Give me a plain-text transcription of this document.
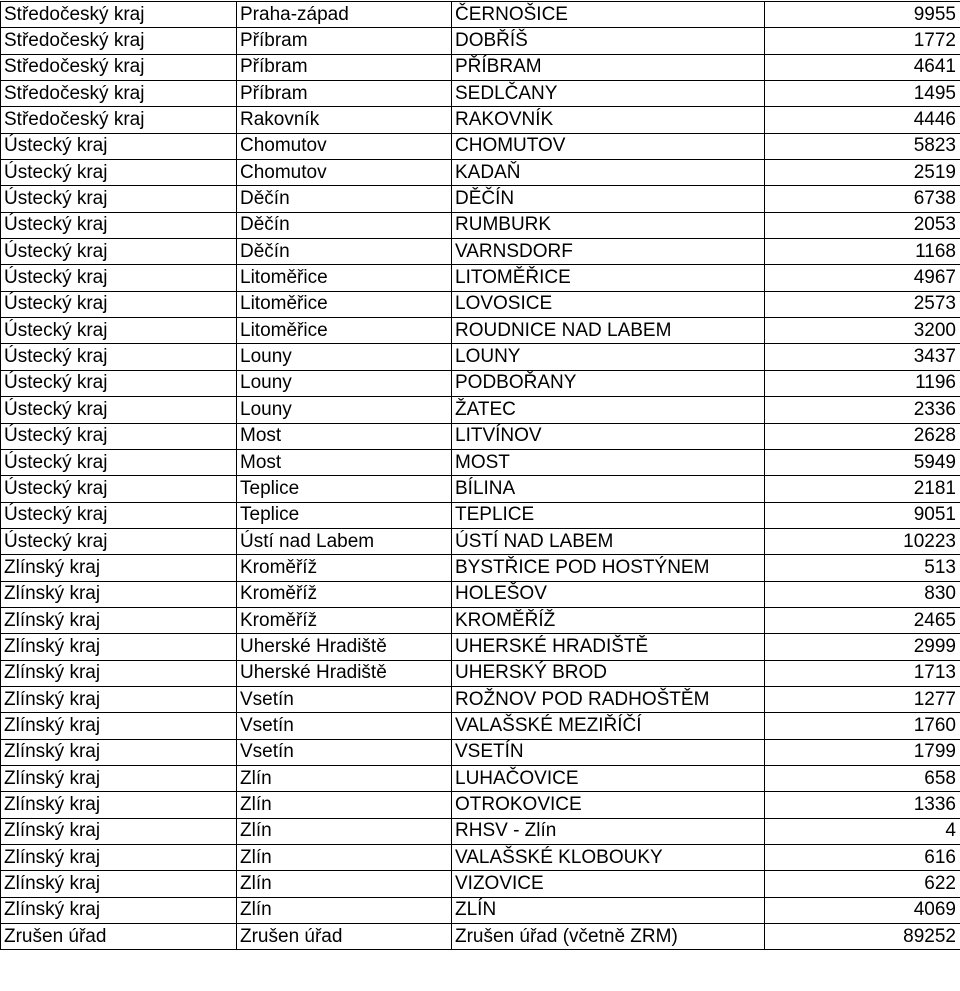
Středočeský kraj	Praha-západ	ČERNOŠICE	9955
Středočeský kraj	Příbram	DOBŘÍŠ	1772
Středočeský kraj	Příbram	PŘÍBRAM	4641
Středočeský kraj	Příbram	SEDLČANY	1495
Středočeský kraj	Rakovník	RAKOVNÍK	4446
Ústecký kraj	Chomutov	CHOMUTOV	5823
Ústecký kraj	Chomutov	KADAŇ	2519
Ústecký kraj	Děčín	DĚČÍN	6738
Ústecký kraj	Děčín	RUMBURK	2053
Ústecký kraj	Děčín	VARNSDORF	1168
Ústecký kraj	Litoměřice	LITOMĚŘICE	4967
Ústecký kraj	Litoměřice	LOVOSICE	2573
Ústecký kraj	Litoměřice	ROUDNICE NAD LABEM	3200
Ústecký kraj	Louny	LOUNY	3437
Ústecký kraj	Louny	PODBOŘANY	1196
Ústecký kraj	Louny	ŽATEC	2336
Ústecký kraj	Most	LITVÍNOV	2628
Ústecký kraj	Most	MOST	5949
Ústecký kraj	Teplice	BÍLINA	2181
Ústecký kraj	Teplice	TEPLICE	9051
Ústecký kraj	Ústí nad Labem	ÚSTÍ NAD LABEM	10223
Zlínský kraj	Kroměříž	BYSTŘICE POD HOSTÝNEM	513
Zlínský kraj	Kroměříž	HOLEŠOV	830
Zlínský kraj	Kroměříž	KROMĚŘÍŽ	2465
Zlínský kraj	Uherské Hradiště	UHERSKÉ HRADIŠTĚ	2999
Zlínský kraj	Uherské Hradiště	UHERSKÝ BROD	1713
Zlínský kraj	Vsetín	ROŽNOV POD RADHOŠTĚM	1277
Zlínský kraj	Vsetín	VALAŠSKÉ MEZIŘÍČÍ	1760
Zlínský kraj	Vsetín	VSETÍN	1799
Zlínský kraj	Zlín	LUHAČOVICE	658
Zlínský kraj	Zlín	OTROKOVICE	1336
Zlínský kraj	Zlín	RHSV - Zlín	4
Zlínský kraj	Zlín	VALAŠSKÉ KLOBOUKY	616
Zlínský kraj	Zlín	VIZOVICE	622
Zlínský kraj	Zlín	ZLÍN	4069
Zrušen úřad	Zrušen úřad	Zrušen úřad (včetně ZRM)	89252
